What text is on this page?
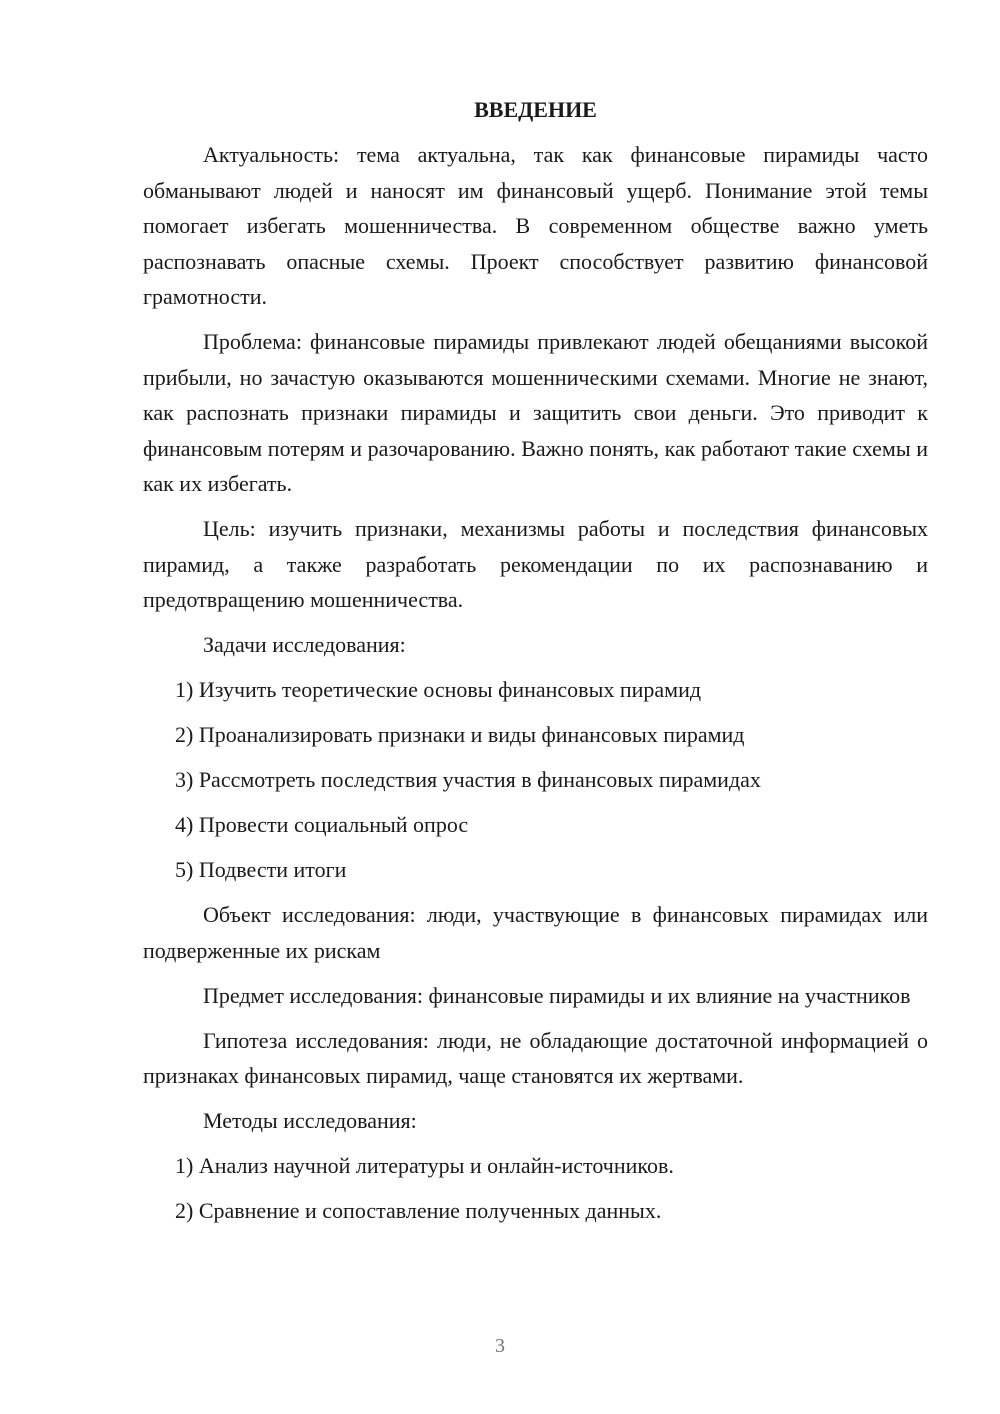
ВВЕДЕНИЕ

Актуальность: тема актуальна, так как финансовые пирамиды часто обманывают людей и наносят им финансовый ущерб. Понимание этой темы помогает избегать мошенничества. В современном обществе важно уметь распознавать опасные схемы. Проект способствует развитию финансовой грамотности.

Проблема: финансовые пирамиды привлекают людей обещаниями высокой прибыли, но зачастую оказываются мошенническими схемами. Многие не знают, как распознать признаки пирамиды и защитить свои деньги. Это приводит к финансовым потерям и разочарованию. Важно понять, как работают такие схемы и как их избегать.

Цель: изучить признаки, механизмы работы и последствия финансовых пирамид, а также разработать рекомендации по их распознаванию и предотвращению мошенничества.

Задачи исследования:

1) Изучить теоретические основы финансовых пирамид

2) Проанализировать признаки и виды финансовых пирамид

3) Рассмотреть последствия участия в финансовых пирамидах

4) Провести социальный опрос

5) Подвести итоги

Объект исследования: люди, участвующие в финансовых пирамидах или подверженные их рискам

Предмет исследования: финансовые пирамиды и их влияние на участников

Гипотеза исследования: люди, не обладающие достаточной информацией о признаках финансовых пирамид, чаще становятся их жертвами.

Методы исследования:

1) Анализ научной литературы и онлайн-источников.

2) Сравнение и сопоставление полученных данных.

3
